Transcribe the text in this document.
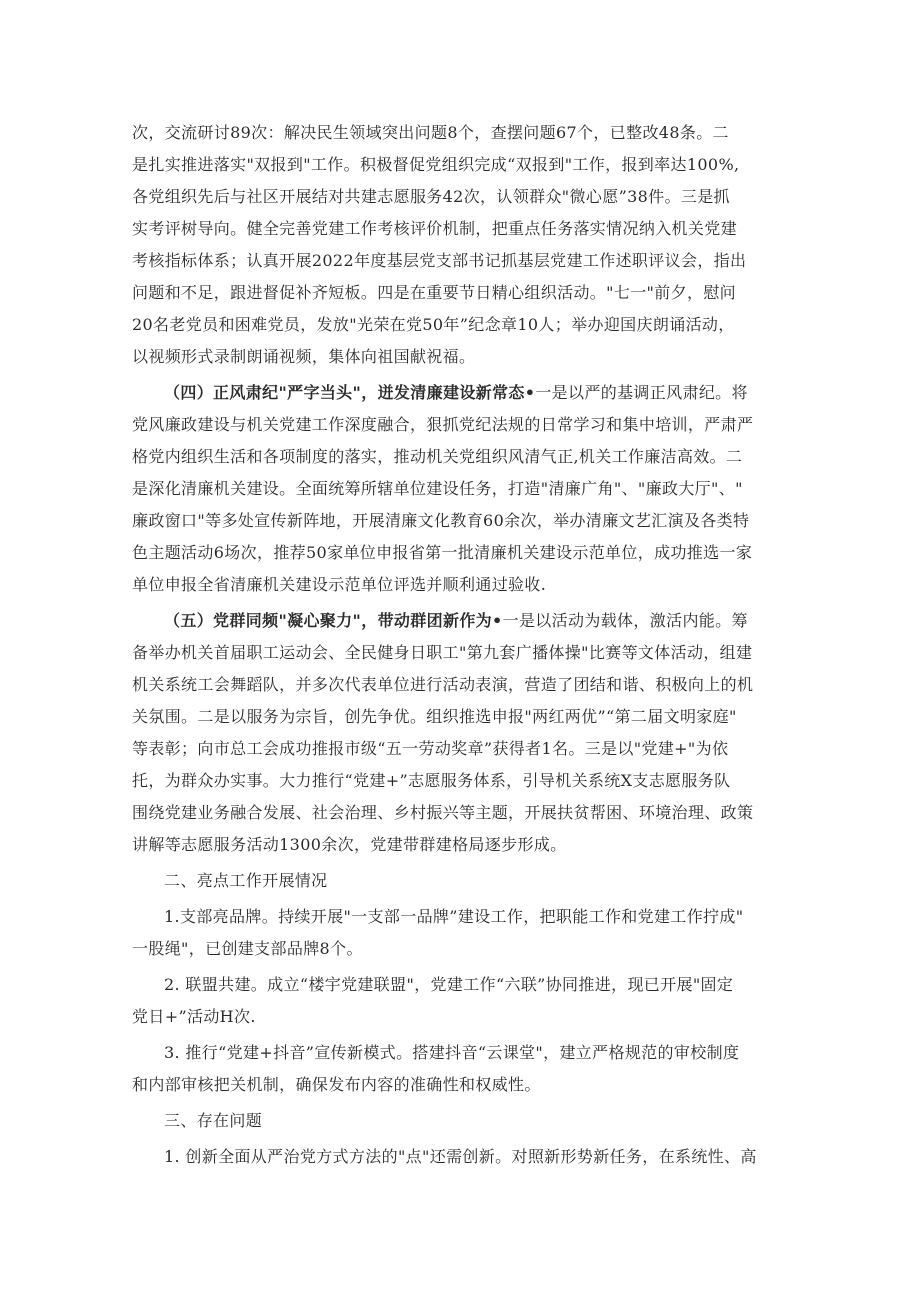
次，交流研讨89次：解决民生领域突出问题8个，查摆问题67个，已整改48条。二
是扎实推进落实"双报到"工作。积极督促党组织完成“双报到"工作，报到率达100%,
各党组织先后与社区开展结对共建志愿服务42次，认领群众"微心愿”38件。三是抓
实考评树导向。健全完善党建工作考核评价机制，把重点任务落实情况纳入机关党建
考核指标体系；认真开展2022年度基层党支部书记抓基层党建工作述职评议会，指出
问题和不足，跟进督促补齐短板。四是在重要节日精心组织活动。"七一"前夕，慰问
20名老党员和困难党员，发放"光荣在党50年”纪念章10人；举办迎国庆朗诵活动，
以视频形式录制朗诵视频，集体向祖国献祝福。
（四）正风肃纪"严字当头"，迸发清廉建设新常态•一是以严的基调正风肃纪。将
党风廉政建设与机关党建工作深度融合，狠抓党纪法规的日常学习和集中培训，严肃严
格党内组织生活和各项制度的落实，推动机关党组织风清气正,机关工作廉洁高效。二
是深化清廉机关建设。全面统筹所辖单位建设任务，打造"清廉广角"、"廉政大厅"、"
廉政窗口"等多处宣传新阵地，开展清廉文化教育60余次，举办清廉文艺汇演及各类特
色主题活动6场次，推荐50家单位申报省第一批清廉机关建设示范单位，成功推选一家
单位申报全省清廉机关建设示范单位评选并顺利通过验收.
（五）党群同频"凝心聚力"，带动群团新作为•一是以活动为载体，激活内能。筹
备举办机关首届职工运动会、全民健身日职工"第九套广播体操"比赛等文体活动，组建
机关系统工会舞蹈队，并多次代表单位进行活动表演，营造了团结和谐、积极向上的机
关氛围。二是以服务为宗旨，创先争优。组织推选申报"两红两优”“第二届文明家庭"
等表彰；向市总工会成功推报市级“五一劳动奖章”获得者1名。三是以"党建+"为依
托，为群众办实事。大力推行“党建+”志愿服务体系，引导机关系统X支志愿服务队
围绕党建业务融合发展、社会治理、乡村振兴等主题，开展扶贫帮困、环境治理、政策
讲解等志愿服务活动1300余次，党建带群建格局逐步形成。
二、亮点工作开展情况
1.支部亮品牌。持续开展"一支部一品牌”建设工作，把职能工作和党建工作拧成"
一股绳"，已创建支部品牌8个。
2. 联盟共建。成立“楼宇党建联盟"，党建工作“六联”协同推进，现已开展"固定
党日+”活动H次.
3. 推行“党建+抖音”宣传新模式。搭建抖音“云课堂"，建立严格规范的审校制度
和内部审核把关机制，确保发布内容的准确性和权威性。
三、存在问题
1. 创新全面从严治党方式方法的"点"还需创新。对照新形势新任务，在系统性、高
